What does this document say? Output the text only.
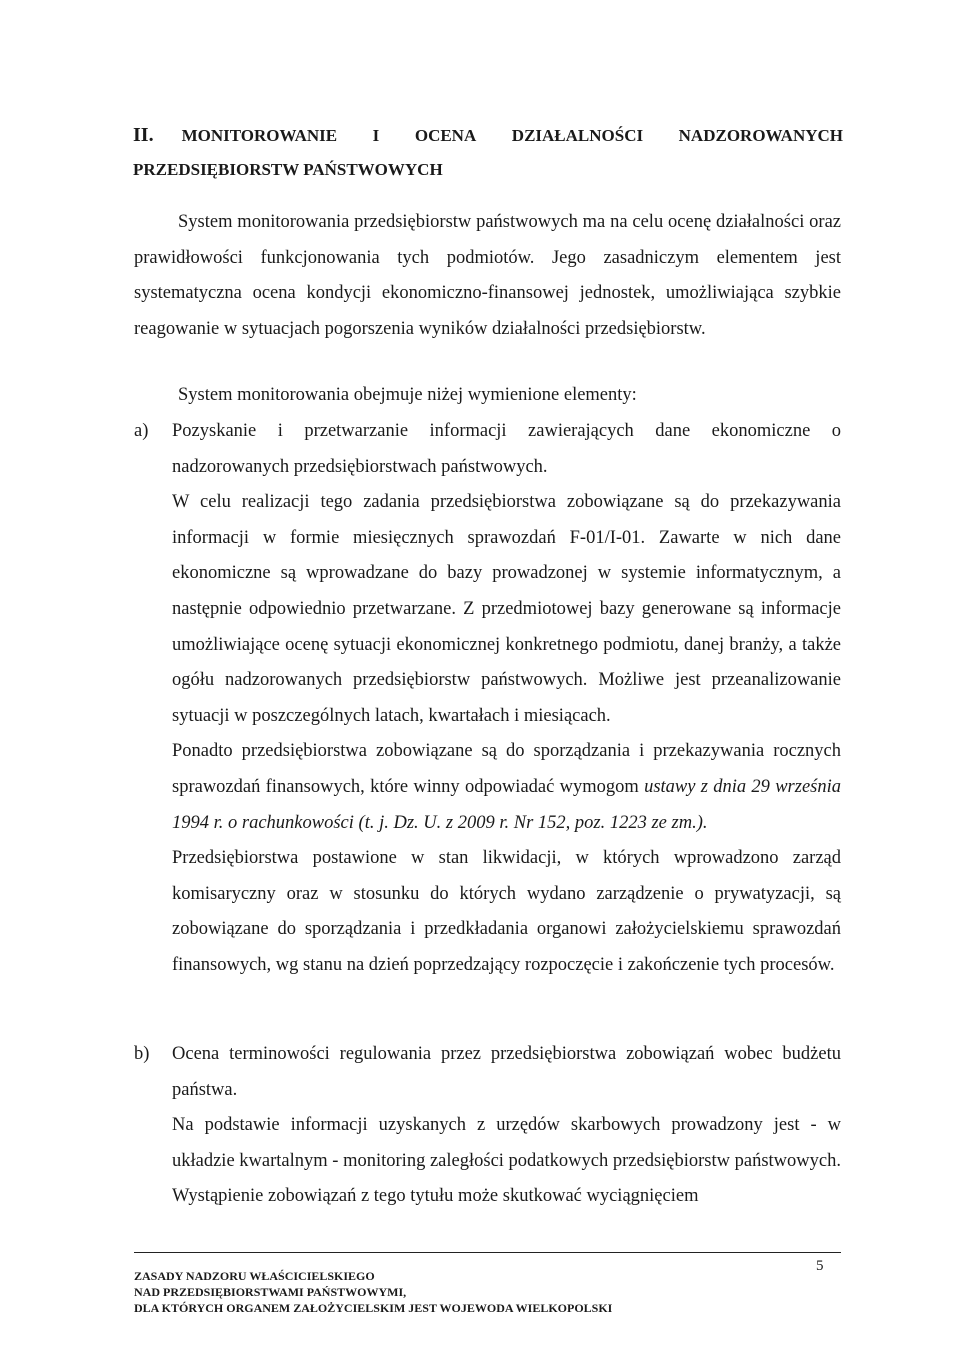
II. MONITOROWANIE I OCENA DZIAŁALNOŚCI NADZOROWANYCH
PRZEDSIĘBIORSTW PAŃSTWOWYCH
System monitorowania przedsiębiorstw państwowych ma na celu ocenę działalności oraz prawidłowości funkcjonowania tych podmiotów. Jego zasadniczym elementem jest systematyczna ocena kondycji ekonomiczno-finansowej jednostek, umożliwiająca szybkie reagowanie w sytuacjach pogorszenia wyników działalności przedsiębiorstw.
System monitorowania obejmuje niżej wymienione elementy:
a)	Pozyskanie i przetwarzanie informacji zawierających dane ekonomiczne o nadzorowanych przedsiębiorstwach państwowych.

W celu realizacji tego zadania przedsiębiorstwa zobowiązane są do przekazywania informacji w formie miesięcznych sprawozdań F-01/I-01. Zawarte w nich dane ekonomiczne są wprowadzane do bazy prowadzonej w systemie informatycznym, a następnie odpowiednio przetwarzane. Z przedmiotowej bazy generowane są informacje umożliwiające ocenę sytuacji ekonomicznej konkretnego podmiotu, danej branży, a także ogółu nadzorowanych przedsiębiorstw państwowych. Możliwe jest przeanalizowanie sytuacji w poszczególnych latach, kwartałach i miesiącach.

Ponadto przedsiębiorstwa zobowiązane są do sporządzania i przekazywania rocznych sprawozdań finansowych, które winny odpowiadać wymogom ustawy z dnia 29 września 1994 r. o rachunkowości (t. j. Dz. U. z 2009 r. Nr 152, poz. 1223 ze zm.).

Przedsiębiorstwa postawione w stan likwidacji, w których wprowadzono zarząd komisaryczny oraz w stosunku do których wydano zarządzenie o prywatyzacji, są zobowiązane do sporządzania i przedkładania organowi założycielskiemu sprawozdań finansowych, wg stanu na dzień poprzedzający rozpoczęcie i zakończenie tych procesów.

b)	Ocena terminowości regulowania przez przedsiębiorstwa zobowiązań wobec budżetu państwa.

Na podstawie informacji uzyskanych z urzędów skarbowych prowadzony jest - w układzie kwartalnym - monitoring zaległości podatkowych przedsiębiorstw państwowych. Wystąpienie zobowiązań z tego tytułu może skutkować wyciągnięciem

ZASADY NADZORU WŁAŚCICIELSKIEGO
NAD PRZEDSIĘBIORSTWAMI PAŃSTWOWYMI,
DLA KTÓRYCH ORGANEM ZAŁOŻYCIELSKIM JEST WOJEWODA WIELKOPOLSKI
5
